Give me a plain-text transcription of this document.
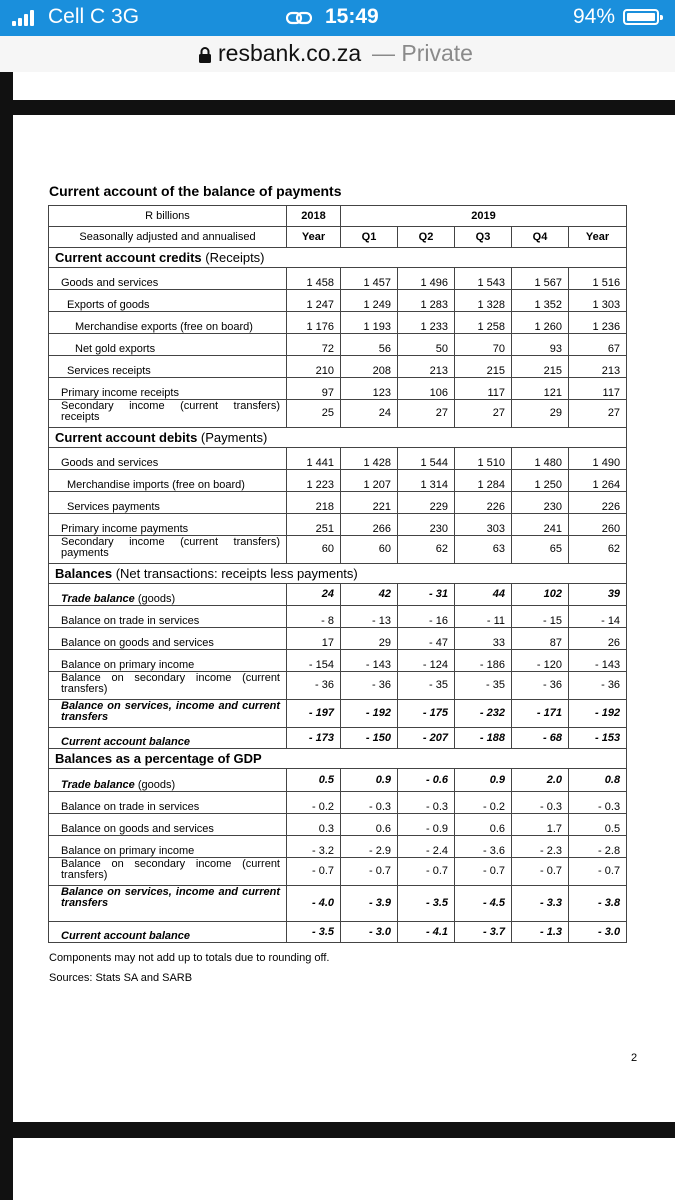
Cell C 3G	15:49	94%
resbank.co.za — Private
Current account of the balance of payments
R billions	2018	2019				
Seasonally adjusted and annualised	Year	Q1	Q2	Q3	Q4	Year
Current account credits (Receipts)						
Goods and services	1 458	1 457	1 496	1 543	1 567	1 516
Exports of goods	1 247	1 249	1 283	1 328	1 352	1 303
Merchandise exports (free on board)	1 176	1 193	1 233	1 258	1 260	1 236
Net gold exports	72	56	50	70	93	67
Services receipts	210	208	213	215	215	213
Primary income receipts	97	123	106	117	121	117
Secondary income (current transfers) receipts	25	24	27	27	29	27
Current account debits (Payments)						
Goods and services	1 441	1 428	1 544	1 510	1 480	1 490
Merchandise imports (free on board)	1 223	1 207	1 314	1 284	1 250	1 264
Services payments	218	221	229	226	230	226
Primary income payments	251	266	230	303	241	260
Secondary income (current transfers) payments	60	60	62	63	65	62
Balances (Net transactions: receipts less payments)						
Trade balance (goods)	24	42	- 31	44	102	39
Balance on trade in services	- 8	- 13	- 16	- 11	- 15	- 14
Balance on goods and services	17	29	- 47	33	87	26
Balance on primary income	- 154	- 143	- 124	- 186	- 120	- 143
Balance on secondary income (current transfers)	- 36	- 36	- 35	- 35	- 36	- 36
Balance on services, income and current transfers	- 197	- 192	- 175	- 232	- 171	- 192
Current account balance	- 173	- 150	- 207	- 188	- 68	- 153
Balances as a percentage of GDP						
Trade balance (goods)	0.5	0.9	- 0.6	0.9	2.0	0.8
Balance on trade in services	- 0.2	- 0.3	- 0.3	- 0.2	- 0.3	- 0.3
Balance on goods and services	0.3	0.6	- 0.9	0.6	1.7	0.5
Balance on primary income	- 3.2	- 2.9	- 2.4	- 3.6	- 2.3	- 2.8
Balance on secondary income (current transfers)	- 0.7	- 0.7	- 0.7	- 0.7	- 0.7	- 0.7
Balance on services, income and current transfers	- 4.0	- 3.9	- 3.5	- 4.5	- 3.3	- 3.8
Current account balance	- 3.5	- 3.0	- 4.1	- 3.7	- 1.3	- 3.0
Components may not add up to totals due to rounding off.
Sources: Stats SA and SARB
2
